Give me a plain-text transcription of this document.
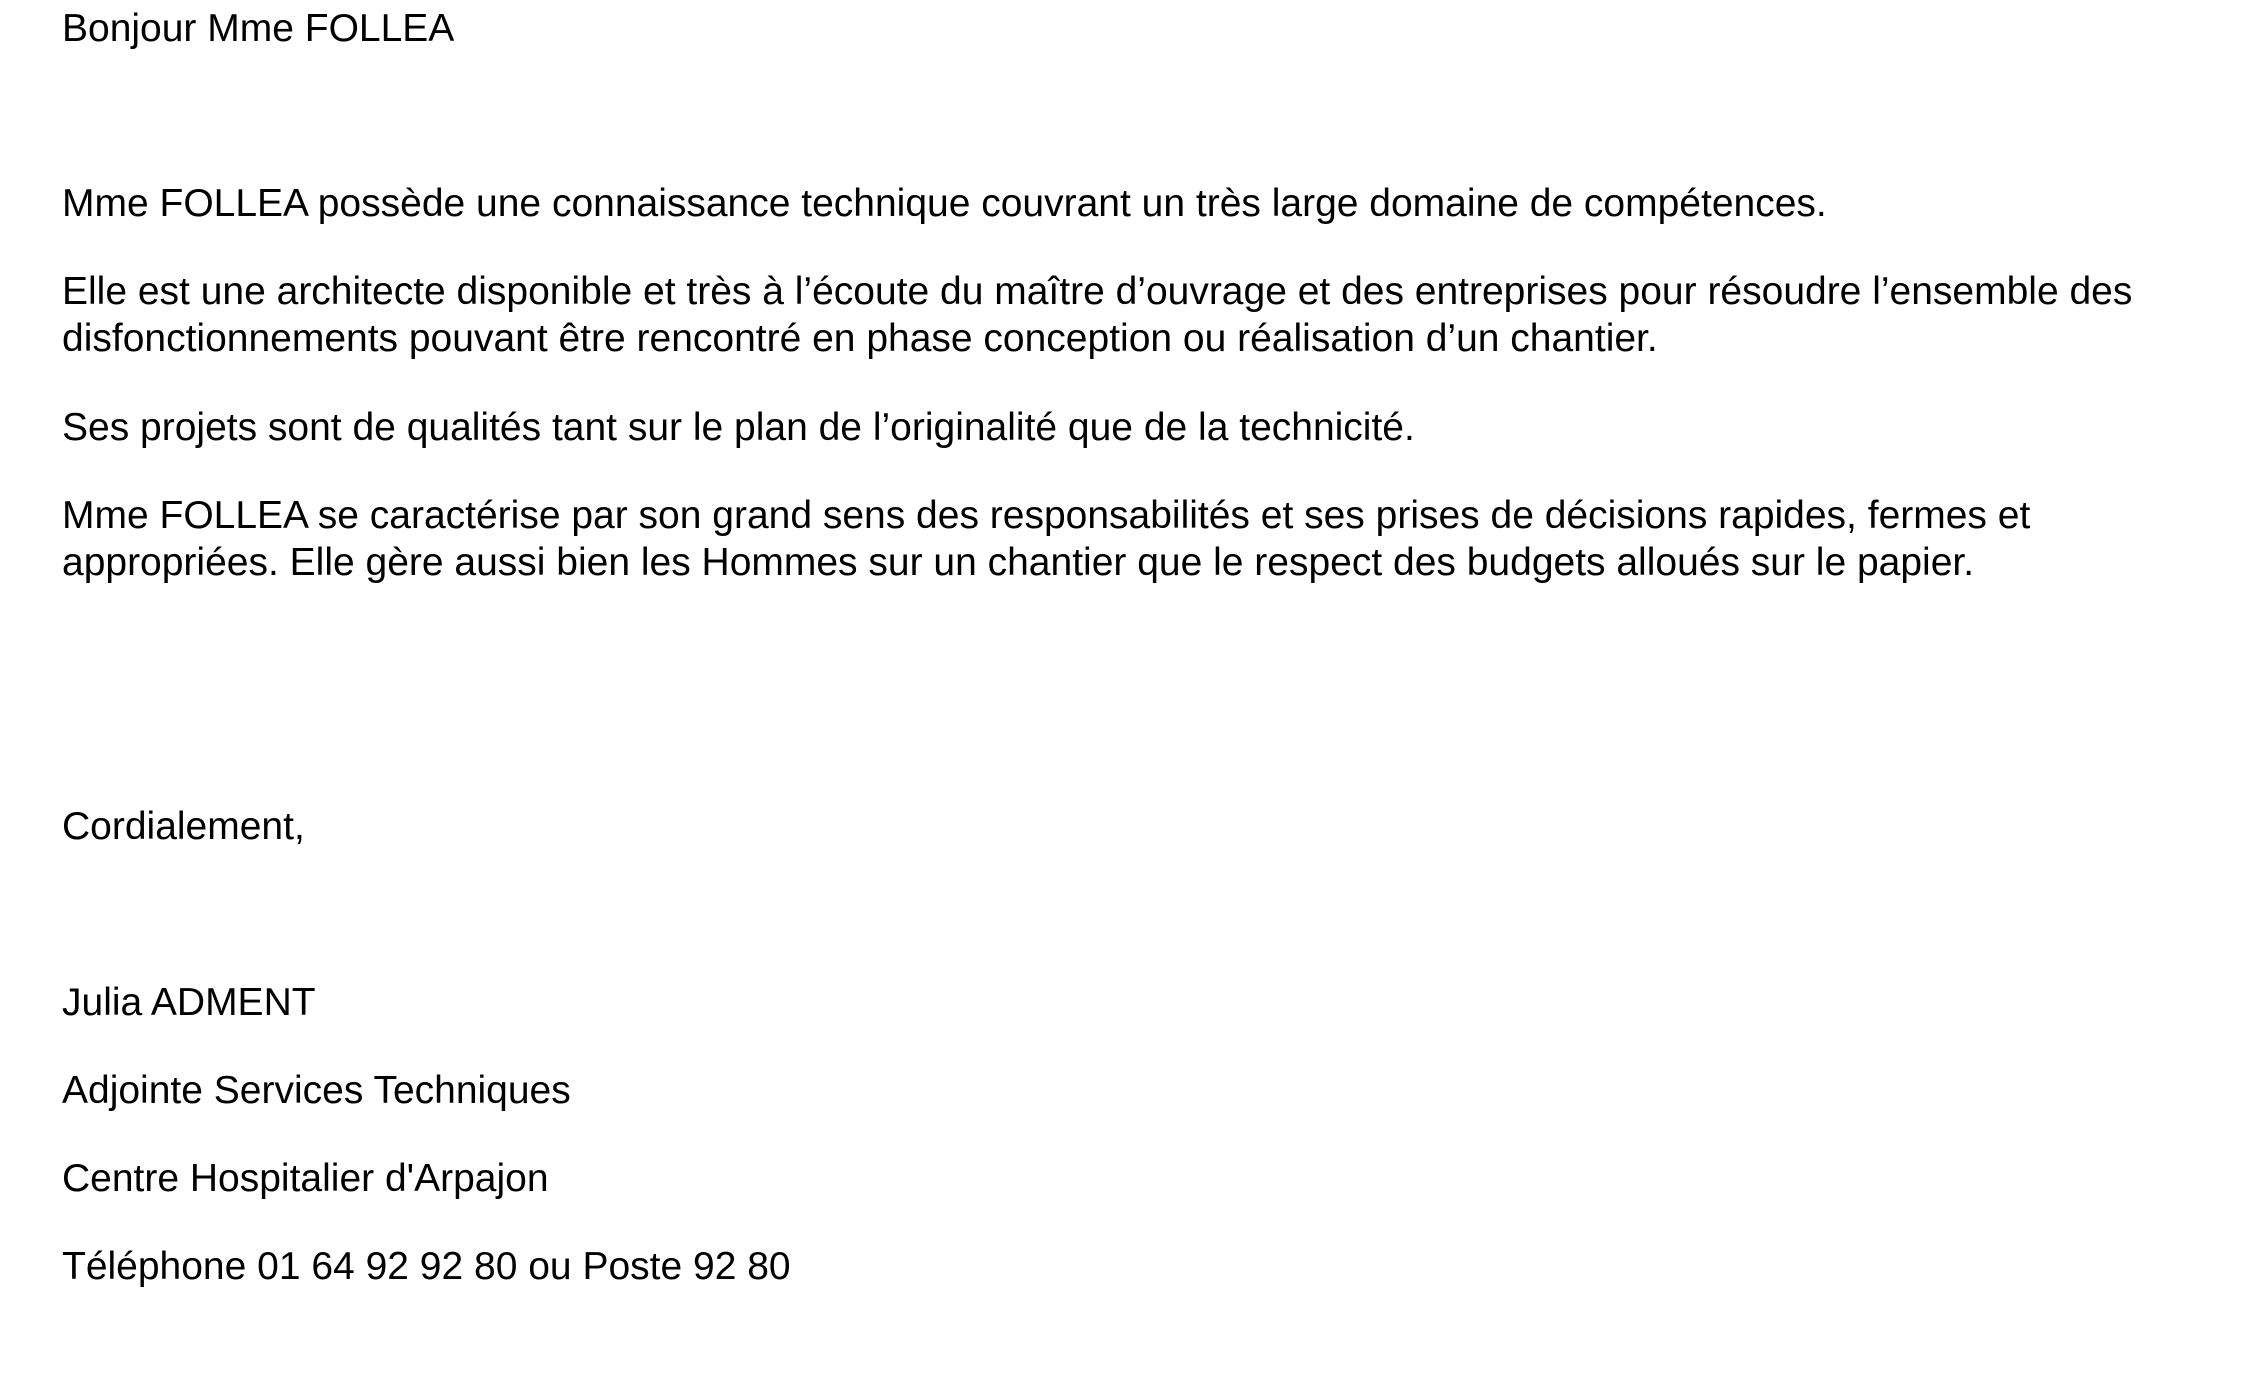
Bonjour Mme FOLLEA

Mme FOLLEA possède une connaissance technique couvrant un très large domaine de compétences.

Elle est une architecte disponible et très à l’écoute du maître d’ouvrage et des entreprises pour résoudre l’ensemble des disfonctionnements pouvant être rencontré en phase conception ou réalisation d’un chantier.

Ses projets sont de qualités tant sur le plan de l’originalité que de la technicité.

Mme FOLLEA se caractérise par son grand sens des responsabilités et ses prises de décisions rapides, fermes et appropriées. Elle gère aussi bien les Hommes sur un chantier que le respect des budgets alloués sur le papier.

Cordialement,

Julia ADMENT

Adjointe Services Techniques

Centre Hospitalier d'Arpajon

Téléphone 01 64 92 92 80 ou Poste 92 80
